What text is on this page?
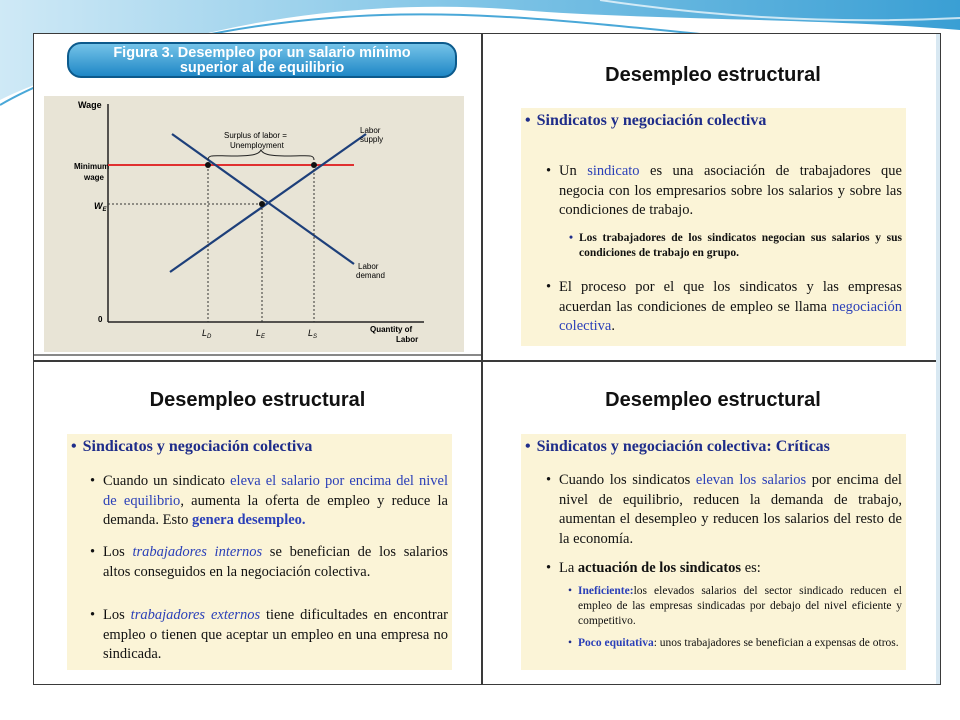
Figura 3. Desempleo por un salario mínimo
superior al de equilibrio
Wage
Minimum
wage
$W_E$
0
Surplus of labor =
Unemployment
Labor
supply
Labor
demand
$L_D$	$L_E$	$L_S$
Quantity of
Labor
Desempleo estructural
• Sindicatos y negociación colectiva
• Un sindicato es una asociación de trabajadores que negocia con los empresarios sobre los salarios y sobre las condiciones de trabajo.
• Los trabajadores de los sindicatos negocian sus salarios y sus condiciones de trabajo en grupo.
• El proceso por el que los sindicatos y las empresas acuerdan las condiciones de empleo se llama negociación colectiva.
Desempleo estructural
• Sindicatos y negociación colectiva
• Cuando un sindicato eleva el salario por encima del nivel de equilibrio, aumenta la oferta de empleo y reduce la demanda. Esto genera desempleo.
• Los trabajadores internos se benefician de los salarios altos conseguidos en la negociación colectiva.
• Los trabajadores externos tiene dificultades en encontrar empleo o tienen que aceptar un empleo en una empresa no sindicada.
Desempleo estructural
• Sindicatos y negociación colectiva: Críticas
• Cuando los sindicatos elevan los salarios por encima del nivel de equilibrio, reducen la demanda de trabajo, aumentan el desempleo y reducen los salarios del resto de la economía.
• La actuación de los sindicatos es:
• Ineficiente:los elevados salarios del sector sindicado reducen el empleo de las empresas sindicadas por debajo del nivel eficiente y competitivo.
• Poco equitativa: unos trabajadores se benefician a expensas de otros.
